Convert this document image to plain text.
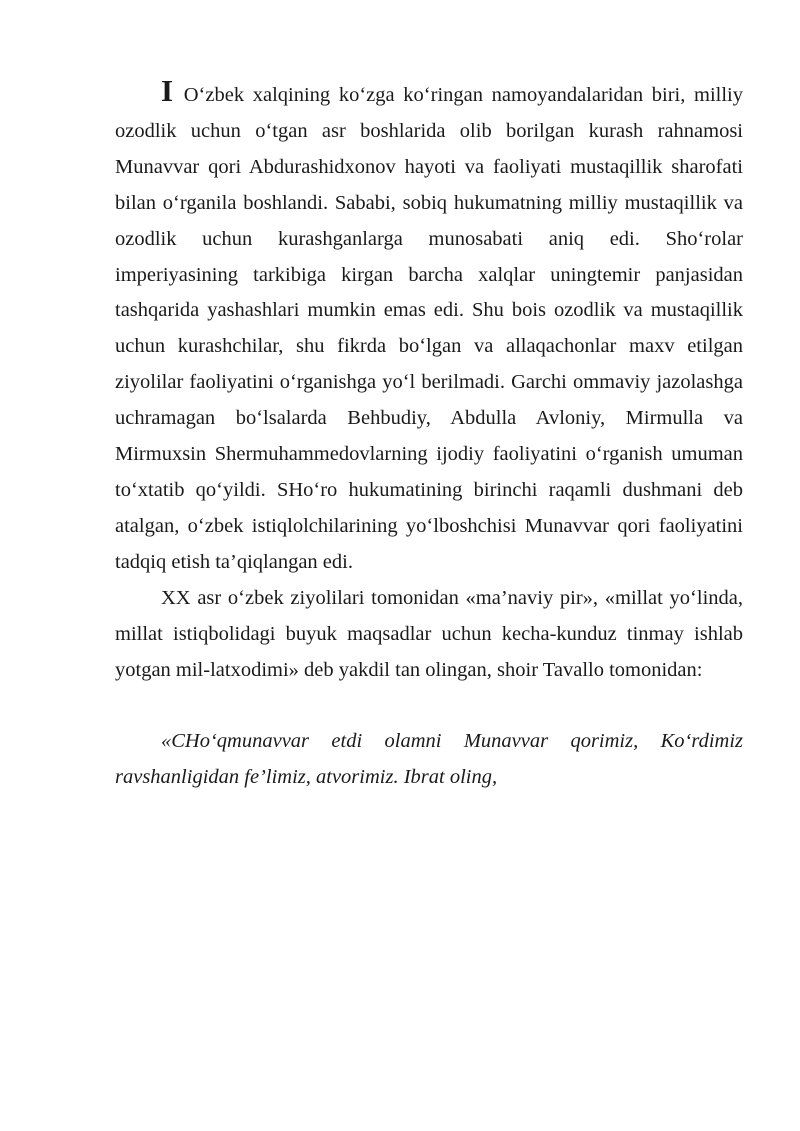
I O‘zbek xalqining ko‘zga ko‘ringan namoyandalaridan biri, milliy ozodlik uchun o‘tgan asr boshlarida olib borilgan kurash rahnamosi Munavvar qori Abdurashidxonov hayoti va faoliyati mustaqillik sharofati bilan o‘rganila boshlandi. Sababi, sobiq hukumatning milliy mustaqillik va ozodlik uchun kurashganlarga munosabati aniq edi. Sho‘rolar imperiyasining tarkibiga kirgan barcha xalqlar uningtemir panjasidan tashqarida yashashlari mumkin emas edi. Shu bois ozodlik va mustaqillik uchun kurashchilar, shu fikrda bo‘lgan va allaqachonlar maxv etilgan ziyolilar faoliyatini o‘rganishga yo‘l berilmadi. Garchi ommaviy jazolashga uchramagan bo‘lsalarda Behbudiy, Abdulla Avloniy, Mirmulla va Mirmuxsin Shermuhammedovlarning ijodiy faoliyatini o‘rganish umuman to‘xtatib qo‘yildi. SHo‘ro hukumatining birinchi raqamli dushmani deb atalgan, o‘zbek istiqlolchilarining yo‘lboshchisi Munavvar qori faoliyatini tadqiq etish ta’qiqlangan edi.

XX asr o‘zbek ziyolilari tomonidan «ma’naviy pir», «millat yo‘linda, millat istiqbolidagi buyuk maqsadlar uchun kecha-kunduz tinmay ishlab yotgan mil-latxodimi» deb yakdil tan olingan, shoir Tavallo tomonidan:

«CHo‘qmunavvar etdi olamni Munavvar qorimiz, Ko‘rdimiz ravshanligidan fe’limiz, atvorimiz. Ibrat oling,
